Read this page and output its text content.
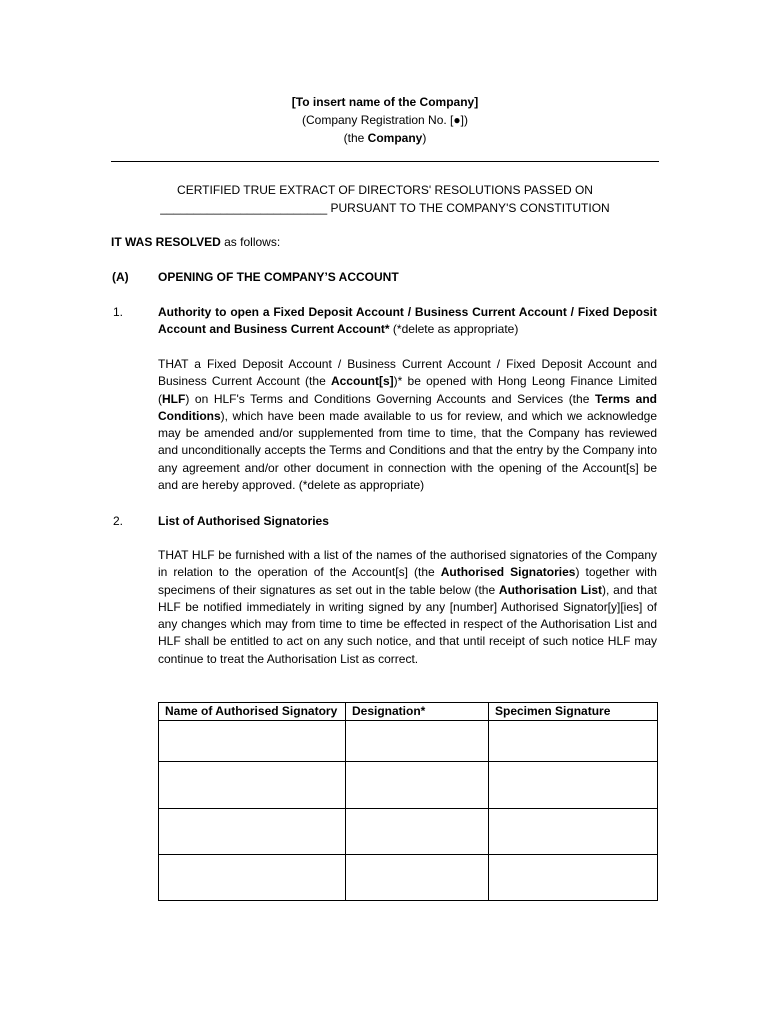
[To insert name of the Company]
(Company Registration No. [●])
(the Company)
CERTIFIED TRUE EXTRACT OF DIRECTORS' RESOLUTIONS PASSED ON
_________________________ PURSUANT TO THE COMPANY'S CONSTITUTION
IT WAS RESOLVED as follows:
(A) OPENING OF THE COMPANY’S ACCOUNT
1.	Authority to open a Fixed Deposit Account / Business Current Account / Fixed Deposit Account and Business Current Account* (*delete as appropriate)
THAT a Fixed Deposit Account / Business Current Account / Fixed Deposit Account and Business Current Account (the Account[s])* be opened with Hong Leong Finance Limited (HLF) on HLF's Terms and Conditions Governing Accounts and Services (the Terms and Conditions), which have been made available to us for review, and which we acknowledge may be amended and/or supplemented from time to time, that the Company has reviewed and unconditionally accepts the Terms and Conditions and that the entry by the Company into any agreement and/or other document in connection with the opening of the Account[s] be and are hereby approved. (*delete as appropriate)
2.	List of Authorised Signatories
THAT HLF be furnished with a list of the names of the authorised signatories of the Company in relation to the operation of the Account[s] (the Authorised Signatories) together with specimens of their signatures as set out in the table below (the Authorisation List), and that HLF be notified immediately in writing signed by any [number] Authorised Signator[y][ies] of any changes which may from time to time be effected in respect of the Authorisation List and HLF shall be entitled to act on any such notice, and that until receipt of such notice HLF may continue to treat the Authorisation List as correct.
Name of Authorised Signatory	Designation*	Specimen Signature
